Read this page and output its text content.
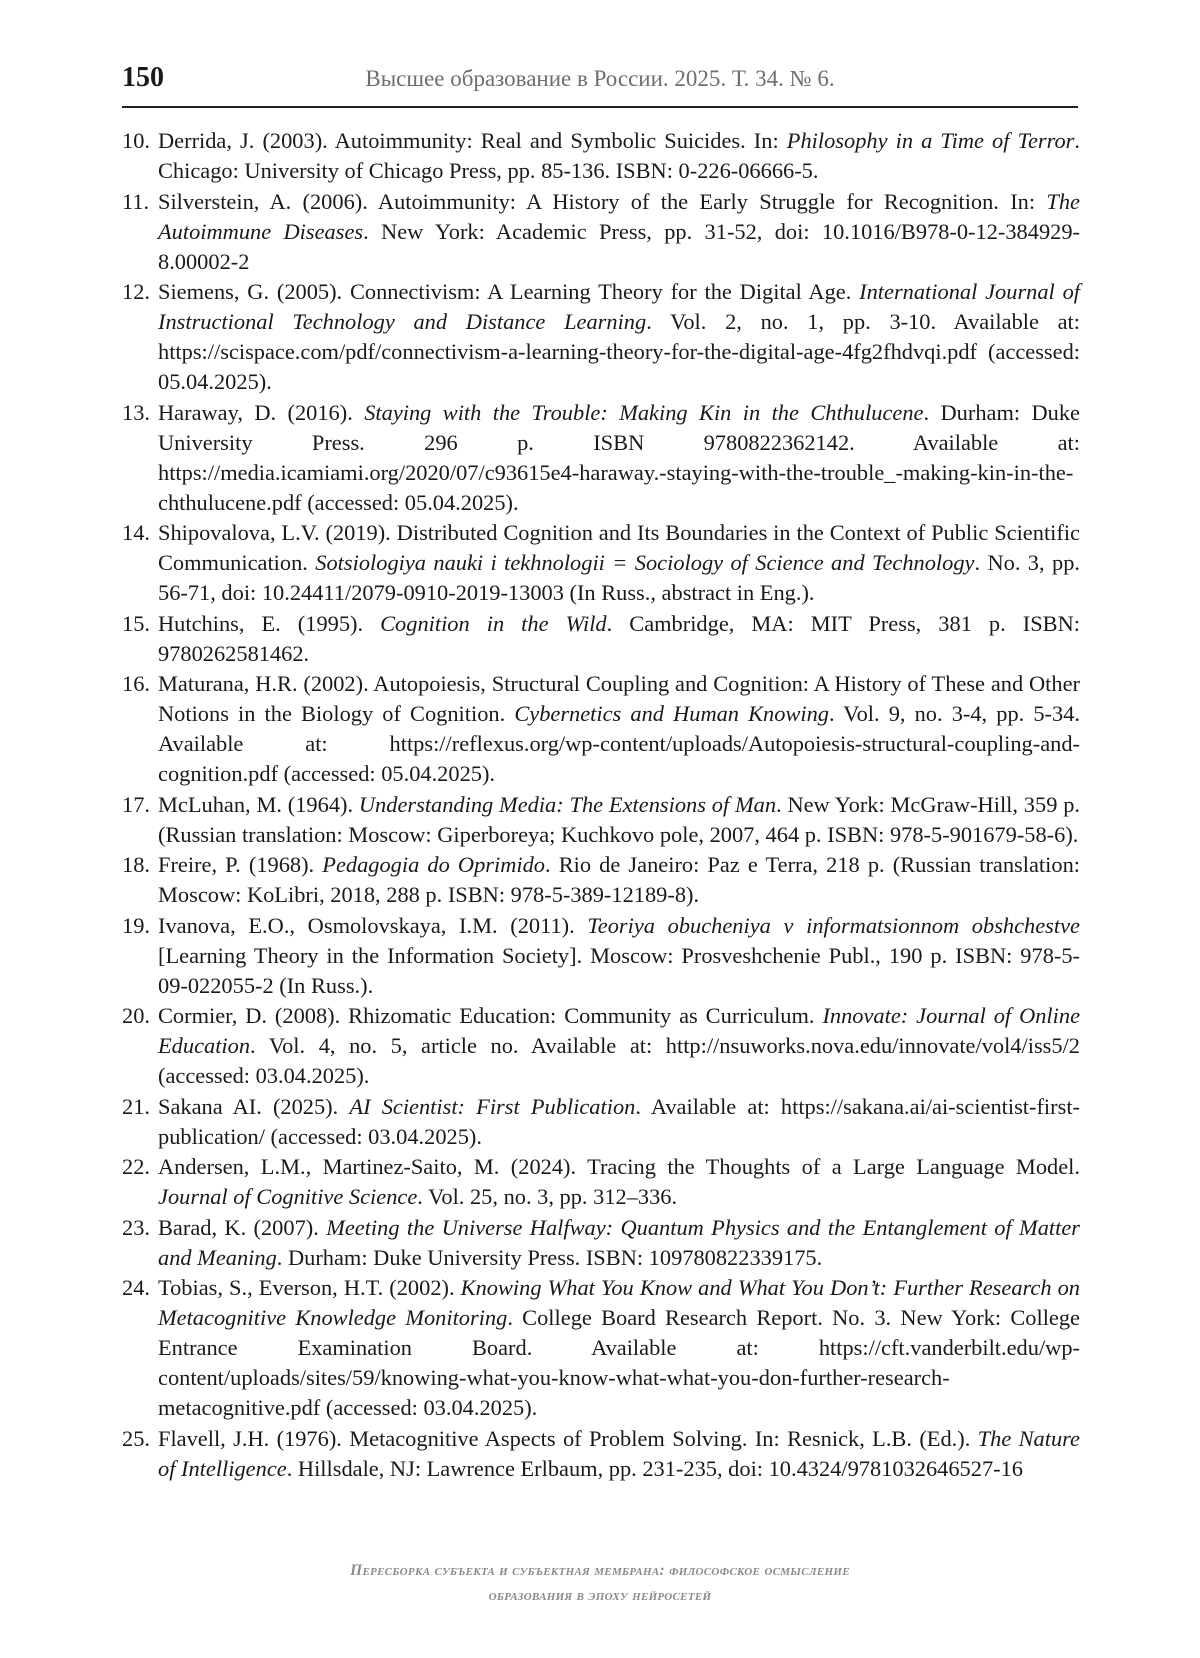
150	Высшее образование в России. 2025. Т. 34. № 6.
10. Derrida, J. (2003). Autoimmunity: Real and Symbolic Suicides. In: Philosophy in a Time of Terror. Chicago: University of Chicago Press, pp. 85-136. ISBN: 0-226-06666-5.
11. Silverstein, A. (2006). Autoimmunity: A History of the Early Struggle for Recognition. In: The Autoimmune Diseases. New York: Academic Press, pp. 31-52, doi: 10.1016/B978-0-12-384929-8.00002-2
12. Siemens, G. (2005). Connectivism: A Learning Theory for the Digital Age. International Journal of Instructional Technology and Distance Learning. Vol. 2, no. 1, pp. 3-10. Available at: https://scispace.com/pdf/connectivism-a-learning-theory-for-the-digital-age-4fg2fhdvqi.pdf (accessed: 05.04.2025).
13. Haraway, D. (2016). Staying with the Trouble: Making Kin in the Chthulucene. Durham: Duke University Press. 296 p. ISBN 9780822362142. Available at: https://media.icamiami.org/2020/07/c93615e4-haraway.-staying-with-the-trouble_-making-kin-in-the-chthulucene.pdf (accessed: 05.04.2025).
14. Shipovalova, L.V. (2019). Distributed Cognition and Its Boundaries in the Context of Public Scientific Communication. Sotsiologiya nauki i tekhnologii = Sociology of Science and Technology. No. 3, pp. 56-71, doi: 10.24411/2079-0910-2019-13003 (In Russ., abstract in Eng.).
15. Hutchins, E. (1995). Cognition in the Wild. Cambridge, MA: MIT Press, 381 p. ISBN: 9780262581462.
16. Maturana, H.R. (2002). Autopoiesis, Structural Coupling and Cognition: A History of These and Other Notions in the Biology of Cognition. Cybernetics and Human Knowing. Vol. 9, no. 3-4, pp. 5-34. Available at: https://reflexus.org/wp-content/uploads/Autopoiesis-structural-coupling-and-cognition.pdf (accessed: 05.04.2025).
17. McLuhan, M. (1964). Understanding Media: The Extensions of Man. New York: McGraw-Hill, 359 p. (Russian translation: Moscow: Giperboreya; Kuchkovo pole, 2007, 464 p. ISBN: 978-5-901679-58-6).
18. Freire, P. (1968). Pedagogia do Oprimido. Rio de Janeiro: Paz e Terra, 218 p. (Russian translation: Moscow: KoLibri, 2018, 288 p. ISBN: 978-5-389-12189-8).
19. Ivanova, E.O., Osmolovskaya, I.M. (2011). Teoriya obucheniya v informatsionnom obshchestve [Learning Theory in the Information Society]. Moscow: Prosveshchenie Publ., 190 p. ISBN: 978-5-09-022055-2 (In Russ.).
20. Cormier, D. (2008). Rhizomatic Education: Community as Curriculum. Innovate: Journal of Online Education. Vol. 4, no. 5, article no. Available at: http://nsuworks.nova.edu/innovate/vol4/iss5/2 (accessed: 03.04.2025).
21. Sakana AI. (2025). AI Scientist: First Publication. Available at: https://sakana.ai/ai-scientist-first-publication/ (accessed: 03.04.2025).
22. Andersen, L.M., Martinez-Saito, M. (2024). Tracing the Thoughts of a Large Language Model. Journal of Cognitive Science. Vol. 25, no. 3, pp. 312–336.
23. Barad, K. (2007). Meeting the Universe Halfway: Quantum Physics and the Entanglement of Matter and Meaning. Durham: Duke University Press. ISBN: 109780822339175.
24. Tobias, S., Everson, H.T. (2002). Knowing What You Know and What You Don’t: Further Research on Metacognitive Knowledge Monitoring. College Board Research Report. No. 3. New York: College Entrance Examination Board. Available at: https://cft.vanderbilt.edu/wp-content/uploads/sites/59/knowing-what-you-know-what-what-you-don-further-research-metacognitive.pdf (accessed: 03.04.2025).
25. Flavell, J.H. (1976). Metacognitive Aspects of Problem Solving. In: Resnick, L.B. (Ed.). The Nature of Intelligence. Hillsdale, NJ: Lawrence Erlbaum, pp. 231-235, doi: 10.4324/9781032646527-16
Пересборка субъекта и субъектная мембрана: философское осмысление
образования в эпоху нейросетей
